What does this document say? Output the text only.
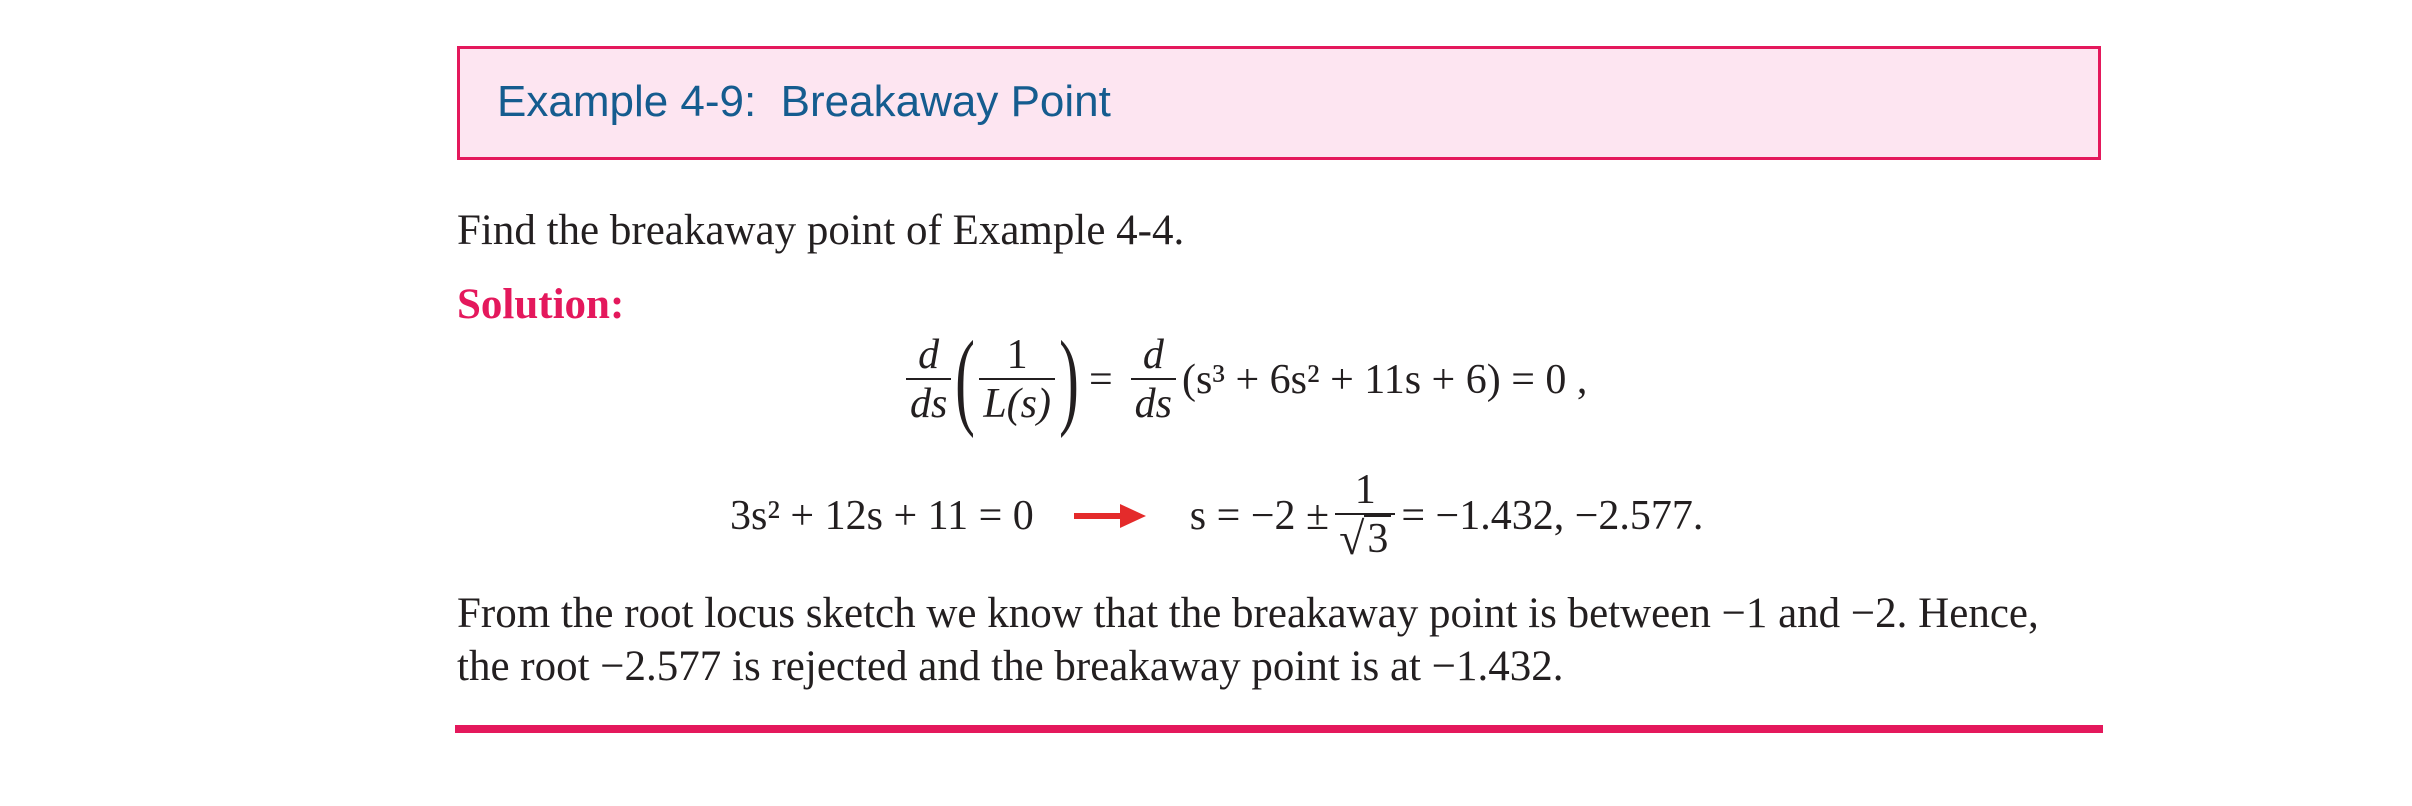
Example 4-9:  Breakaway Point
Find the breakaway point of Example 4-4.
Solution:
$\frac{d}{ds}$ ( $\frac{1}{L(s)}$ ) = $\frac{d}{ds} (s^3 + 6s^2 + 11s + 6) = 0$ ,
3s² + 12s + 11 = 0	$s = -2 \pm \frac{1}{√ 3} = -1.432$, −2.577.
From the root locus sketch we know that the breakaway point is between −1 and −2. Hence,
the root −2.577 is rejected and the breakaway point is at −1.432.
